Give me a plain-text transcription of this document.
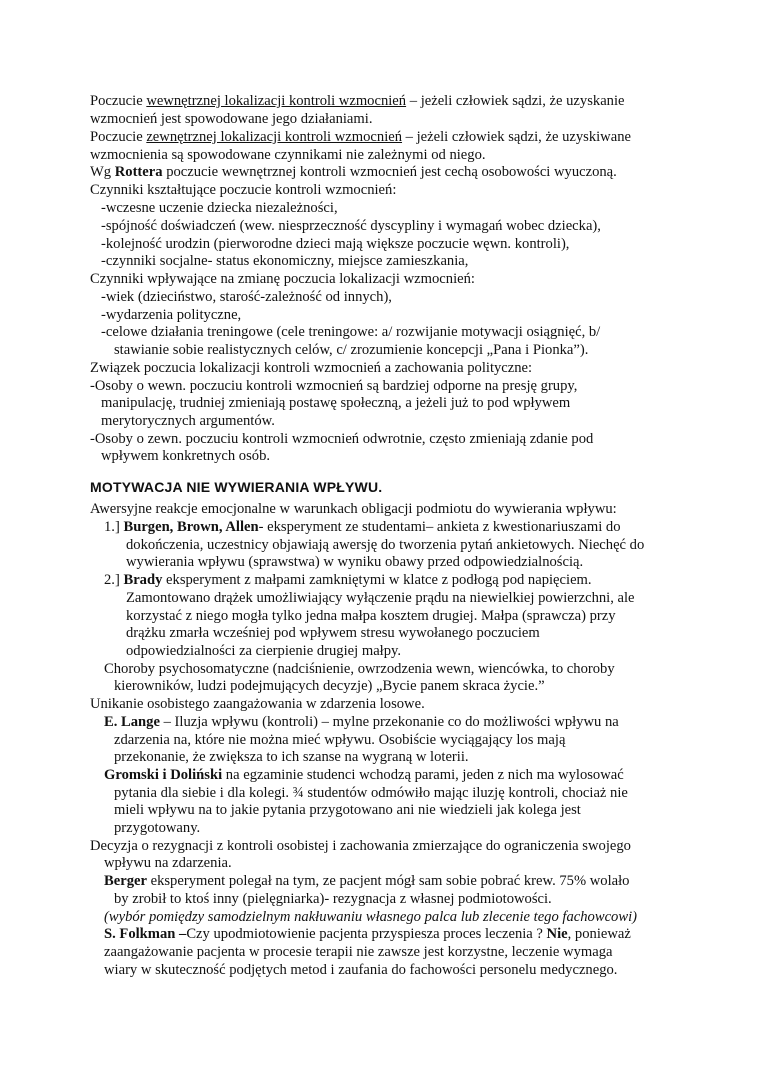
Poczucie wewnętrznej lokalizacji kontroli wzmocnień – jeżeli człowiek sądzi, że uzyskanie
wzmocnień jest spowodowane jego działaniami.
Poczucie zewnętrznej lokalizacji kontroli wzmocnień – jeżeli człowiek sądzi, że uzyskiwane
wzmocnienia są spowodowane czynnikami nie zależnymi od niego.
Wg Rottera poczucie wewnętrznej kontroli wzmocnień jest cechą osobowości wyuczoną.
Czynniki kształtujące poczucie kontroli wzmocnień:
-wczesne uczenie dziecka niezależności,
-spójność doświadczeń (wew. niesprzeczność dyscypliny i wymagań wobec dziecka),
-kolejność urodzin (pierworodne dzieci mają większe poczucie węwn. kontroli),
-czynniki socjalne- status ekonomiczny, miejsce zamieszkania,
Czynniki wpływające na zmianę poczucia lokalizacji wzmocnień:
-wiek (dzieciństwo, starość-zależność od innych),
-wydarzenia polityczne,
-celowe działania treningowe (cele treningowe: a/ rozwijanie motywacji osiągnięć, b/
stawianie sobie realistycznych celów, c/ zrozumienie koncepcji „Pana i Pionka”).
Związek poczucia lokalizacji kontroli wzmocnień a zachowania polityczne:
-Osoby o wewn. poczuciu kontroli wzmocnień są bardziej odporne na presję grupy,
manipulację, trudniej zmieniają postawę społeczną, a jeżeli już to pod wpływem
merytorycznych argumentów.
-Osoby o zewn. poczuciu kontroli wzmocnień odwrotnie, często zmieniają zdanie pod
wpływem konkretnych osób.
MOTYWACJA NIE WYWIERANIA WPŁYWU.
Awersyjne reakcje emocjonalne w warunkach obligacji podmiotu do wywierania wpływu:
1.] Burgen, Brown, Allen- eksperyment ze studentami– ankieta z kwestionariuszami do
dokończenia, uczestnicy objawiają awersję do tworzenia pytań ankietowych. Niechęć do
wywierania wpływu (sprawstwa) w wyniku obawy przed odpowiedzialnością.
2.] Brady eksperyment z małpami zamkniętymi w klatce z podłogą pod napięciem.
Zamontowano drążek umożliwiający wyłączenie prądu na niewielkiej powierzchni, ale
korzystać z niego mogła tylko jedna małpa kosztem drugiej. Małpa (sprawcza) przy
drążku zmarła wcześniej pod wpływem stresu wywołanego poczuciem
odpowiedzialności za cierpienie drugiej małpy.
Choroby psychosomatyczne (nadciśnienie, owrzodzenia wewn, wiencówka, to choroby
kierowników, ludzi podejmujących decyzje) „Bycie panem skraca życie.”
Unikanie osobistego zaangażowania w zdarzenia losowe.
E. Lange – Iluzja wpływu (kontroli) – mylne przekonanie co do możliwości wpływu na
zdarzenia na, które nie można mieć wpływu. Osobiście wyciągający los mają
przekonanie, że zwiększa to ich szanse na wygraną w loterii.
Gromski i Doliński na egzaminie studenci wchodzą parami, jeden z nich ma wylosować
pytania dla siebie i dla kolegi. ¾ studentów odmówiło mając iluzję kontroli, chociaż nie
mieli wpływu na to jakie pytania przygotowano ani nie wiedzieli jak kolega jest
przygotowany.
Decyzja o rezygnacji z kontroli osobistej i zachowania zmierzające do ograniczenia swojego
wpływu na zdarzenia.
Berger eksperyment polegał na tym, ze pacjent mógł sam sobie pobrać krew. 75% wolało
by zrobił to ktoś inny (pielęgniarka)- rezygnacja z własnej podmiotowości.
(wybór pomiędzy samodzielnym nakłuwaniu własnego palca lub zlecenie tego fachowcowi)
S. Folkman –Czy upodmiotowienie pacjenta przyspiesza proces leczenia ? Nie, ponieważ
zaangażowanie pacjenta w procesie terapii nie zawsze jest korzystne, leczenie wymaga
wiary w skuteczność podjętych metod i zaufania do fachowości personelu medycznego.
